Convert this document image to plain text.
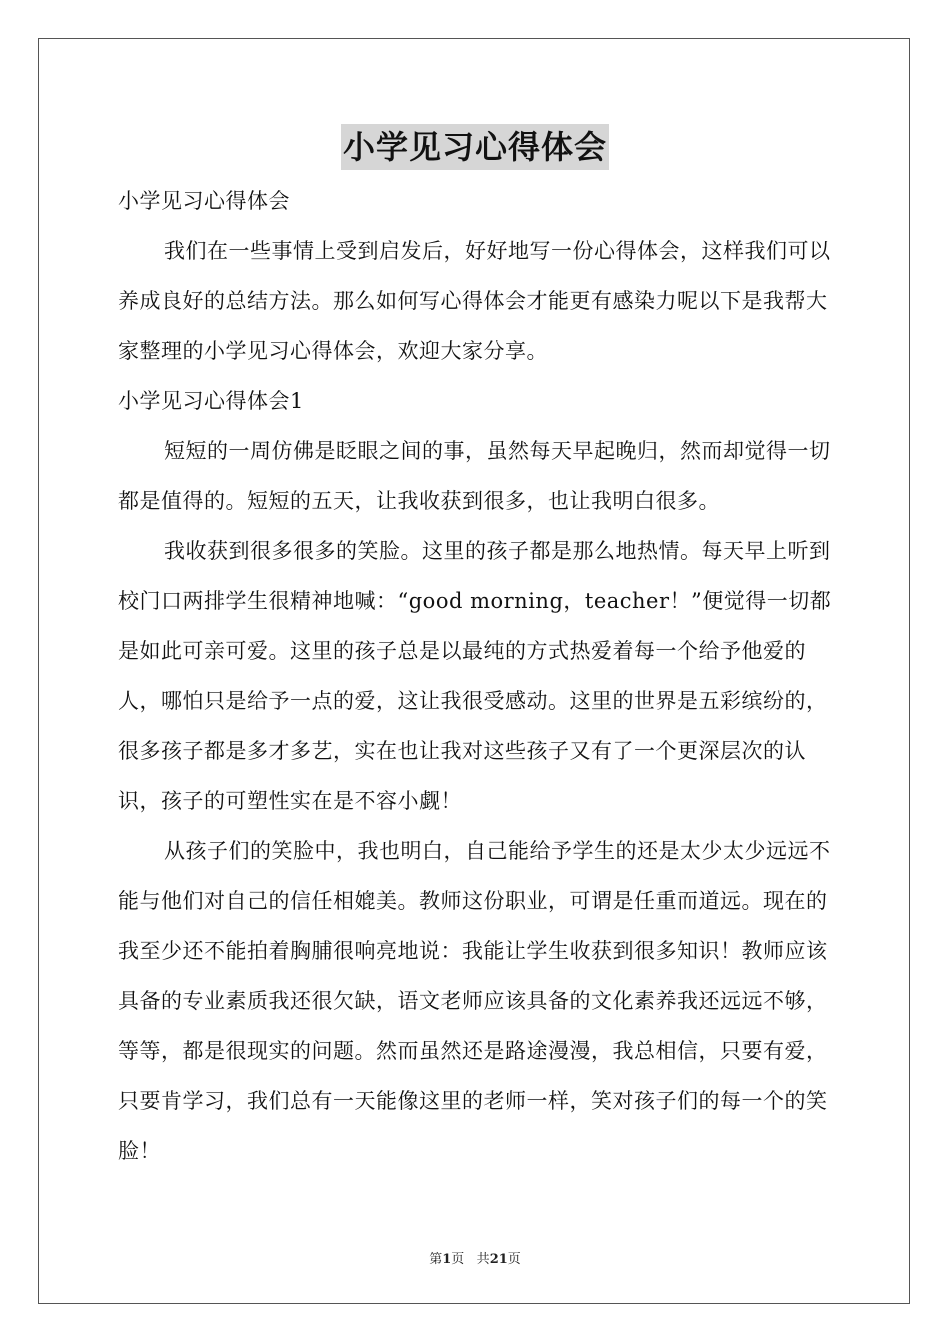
小学见习心得体会

小学见习心得体会

我们在一些事情上受到启发后，好好地写一份心得体会，这样我们可以养成良好的总结方法。那么如何写心得体会才能更有感染力呢以下是我帮大家整理的小学见习心得体会，欢迎大家分享。

小学见习心得体会1

短短的一周仿佛是眨眼之间的事，虽然每天早起晚归，然而却觉得一切都是值得的。短短的五天，让我收获到很多，也让我明白很多。

我收获到很多很多的笑脸。这里的孩子都是那么地热情。每天早上听到校门口两排学生很精神地喊：“good morning，teacher！”便觉得一切都是如此可亲可爱。这里的孩子总是以最纯的方式热爱着每一个给予他爱的人，哪怕只是给予一点的爱，这让我很受感动。这里的世界是五彩缤纷的，很多孩子都是多才多艺，实在也让我对这些孩子又有了一个更深层次的认识，孩子的可塑性实在是不容小觑！

从孩子们的笑脸中，我也明白，自己能给予学生的还是太少太少远远不能与他们对自己的信任相媲美。教师这份职业，可谓是任重而道远。现在的我至少还不能拍着胸脯很响亮地说：我能让学生收获到很多知识！教师应该具备的专业素质我还很欠缺，语文老师应该具备的文化素养我还远远不够，等等，都是很现实的问题。然而虽然还是路途漫漫，我总相信，只要有爱，只要肯学习，我们总有一天能像这里的老师一样，笑对孩子们的每一个的笑脸！

第1页 共21页
